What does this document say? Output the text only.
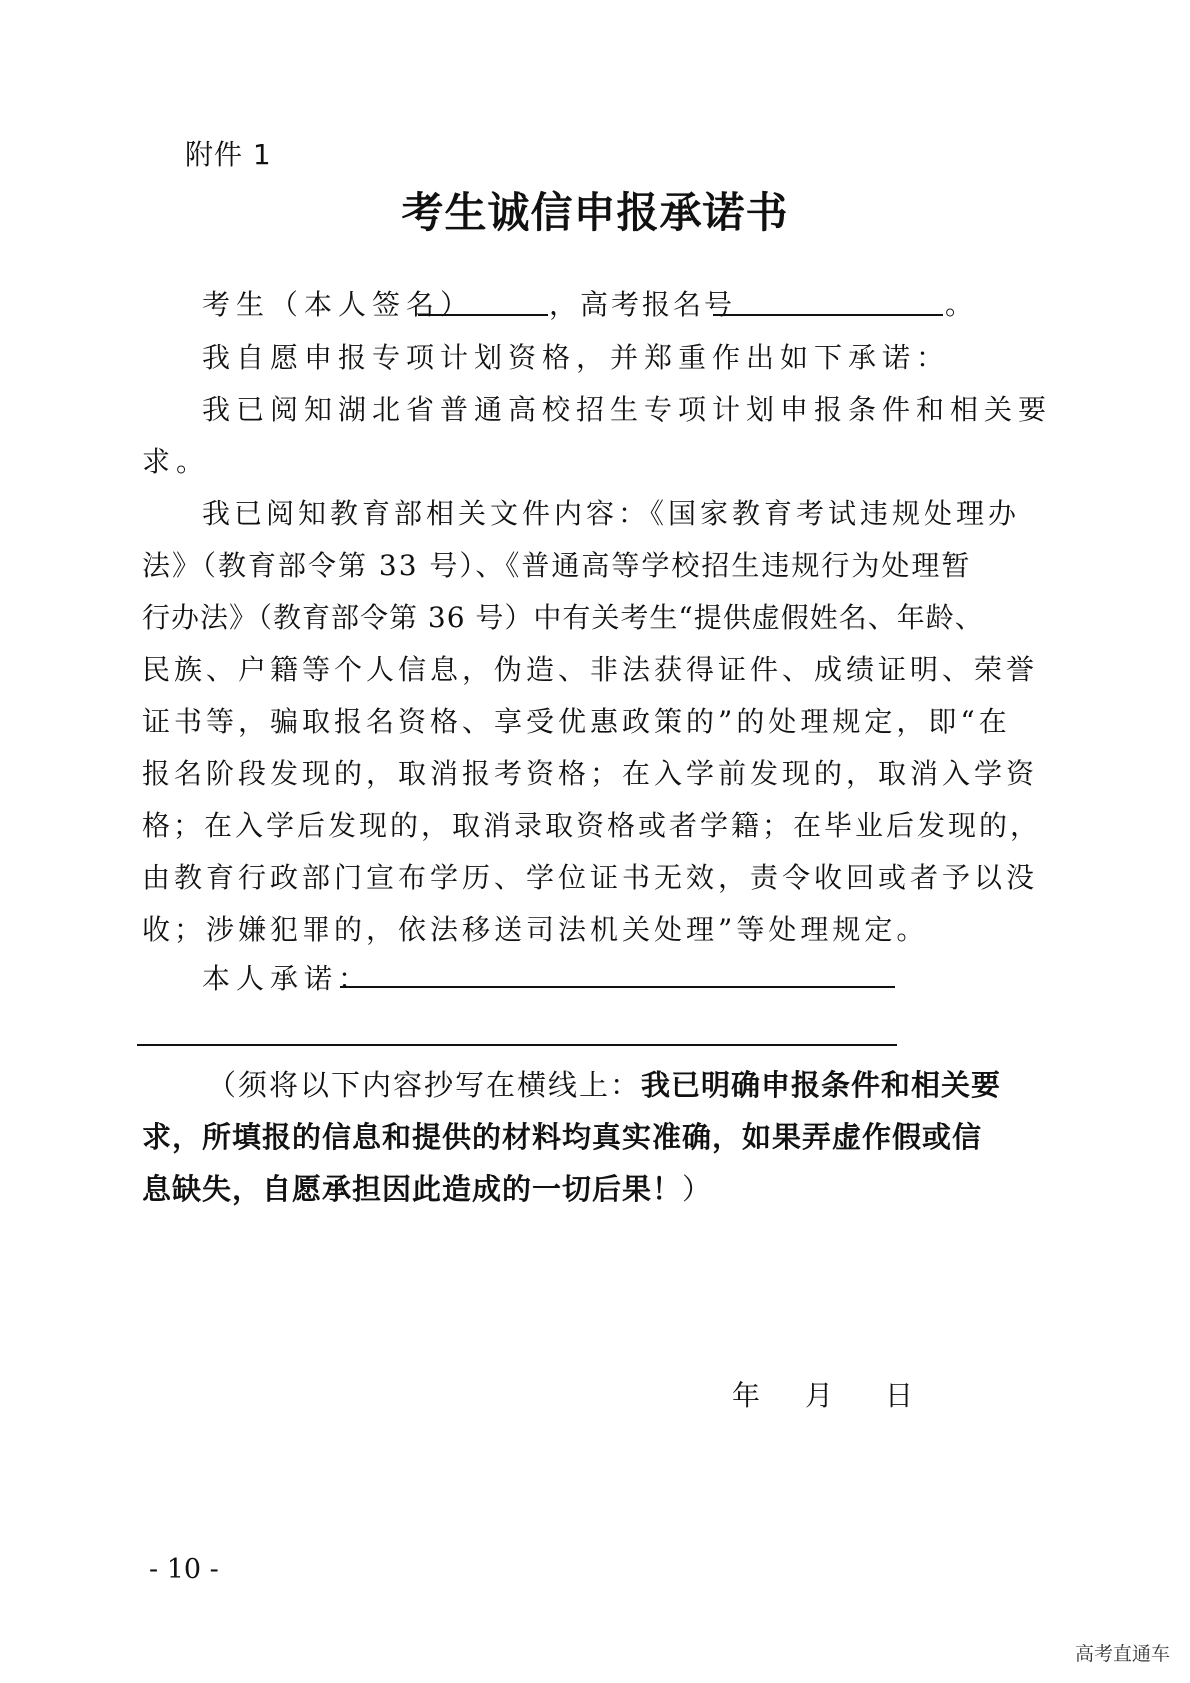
附件 1
考生诚信申报承诺书
考生（本人签名）	，高考报名号	。
我自愿申报专项计划资格，并郑重作出如下承诺：
我已阅知湖北省普通高校招生专项计划申报条件和相关要
求。
我已阅知教育部相关文件内容：《国家教育考试违规处理办
法》（教育部令第 33 号）、《普通高等学校招生违规行为处理暂
行办法》（教育部令第 36 号）中有关考生“提供虚假姓名、年龄、
民族、户籍等个人信息，伪造、非法获得证件、成绩证明、荣誉
证书等，骗取报名资格、享受优惠政策的”的处理规定，即“在
报名阶段发现的，取消报考资格；在入学前发现的，取消入学资
格；在入学后发现的，取消录取资格或者学籍；在毕业后发现的，
由教育行政部门宣布学历、学位证书无效，责令收回或者予以没
收；涉嫌犯罪的，依法移送司法机关处理”等处理规定。
本人承诺：
（须将以下内容抄写在横线上：我已明确申报条件和相关要
求，所填报的信息和提供的材料均真实准确，如果弄虚作假或信
息缺失，自愿承担因此造成的一切后果！）
年 月 日
- 10 -
高考直通车
